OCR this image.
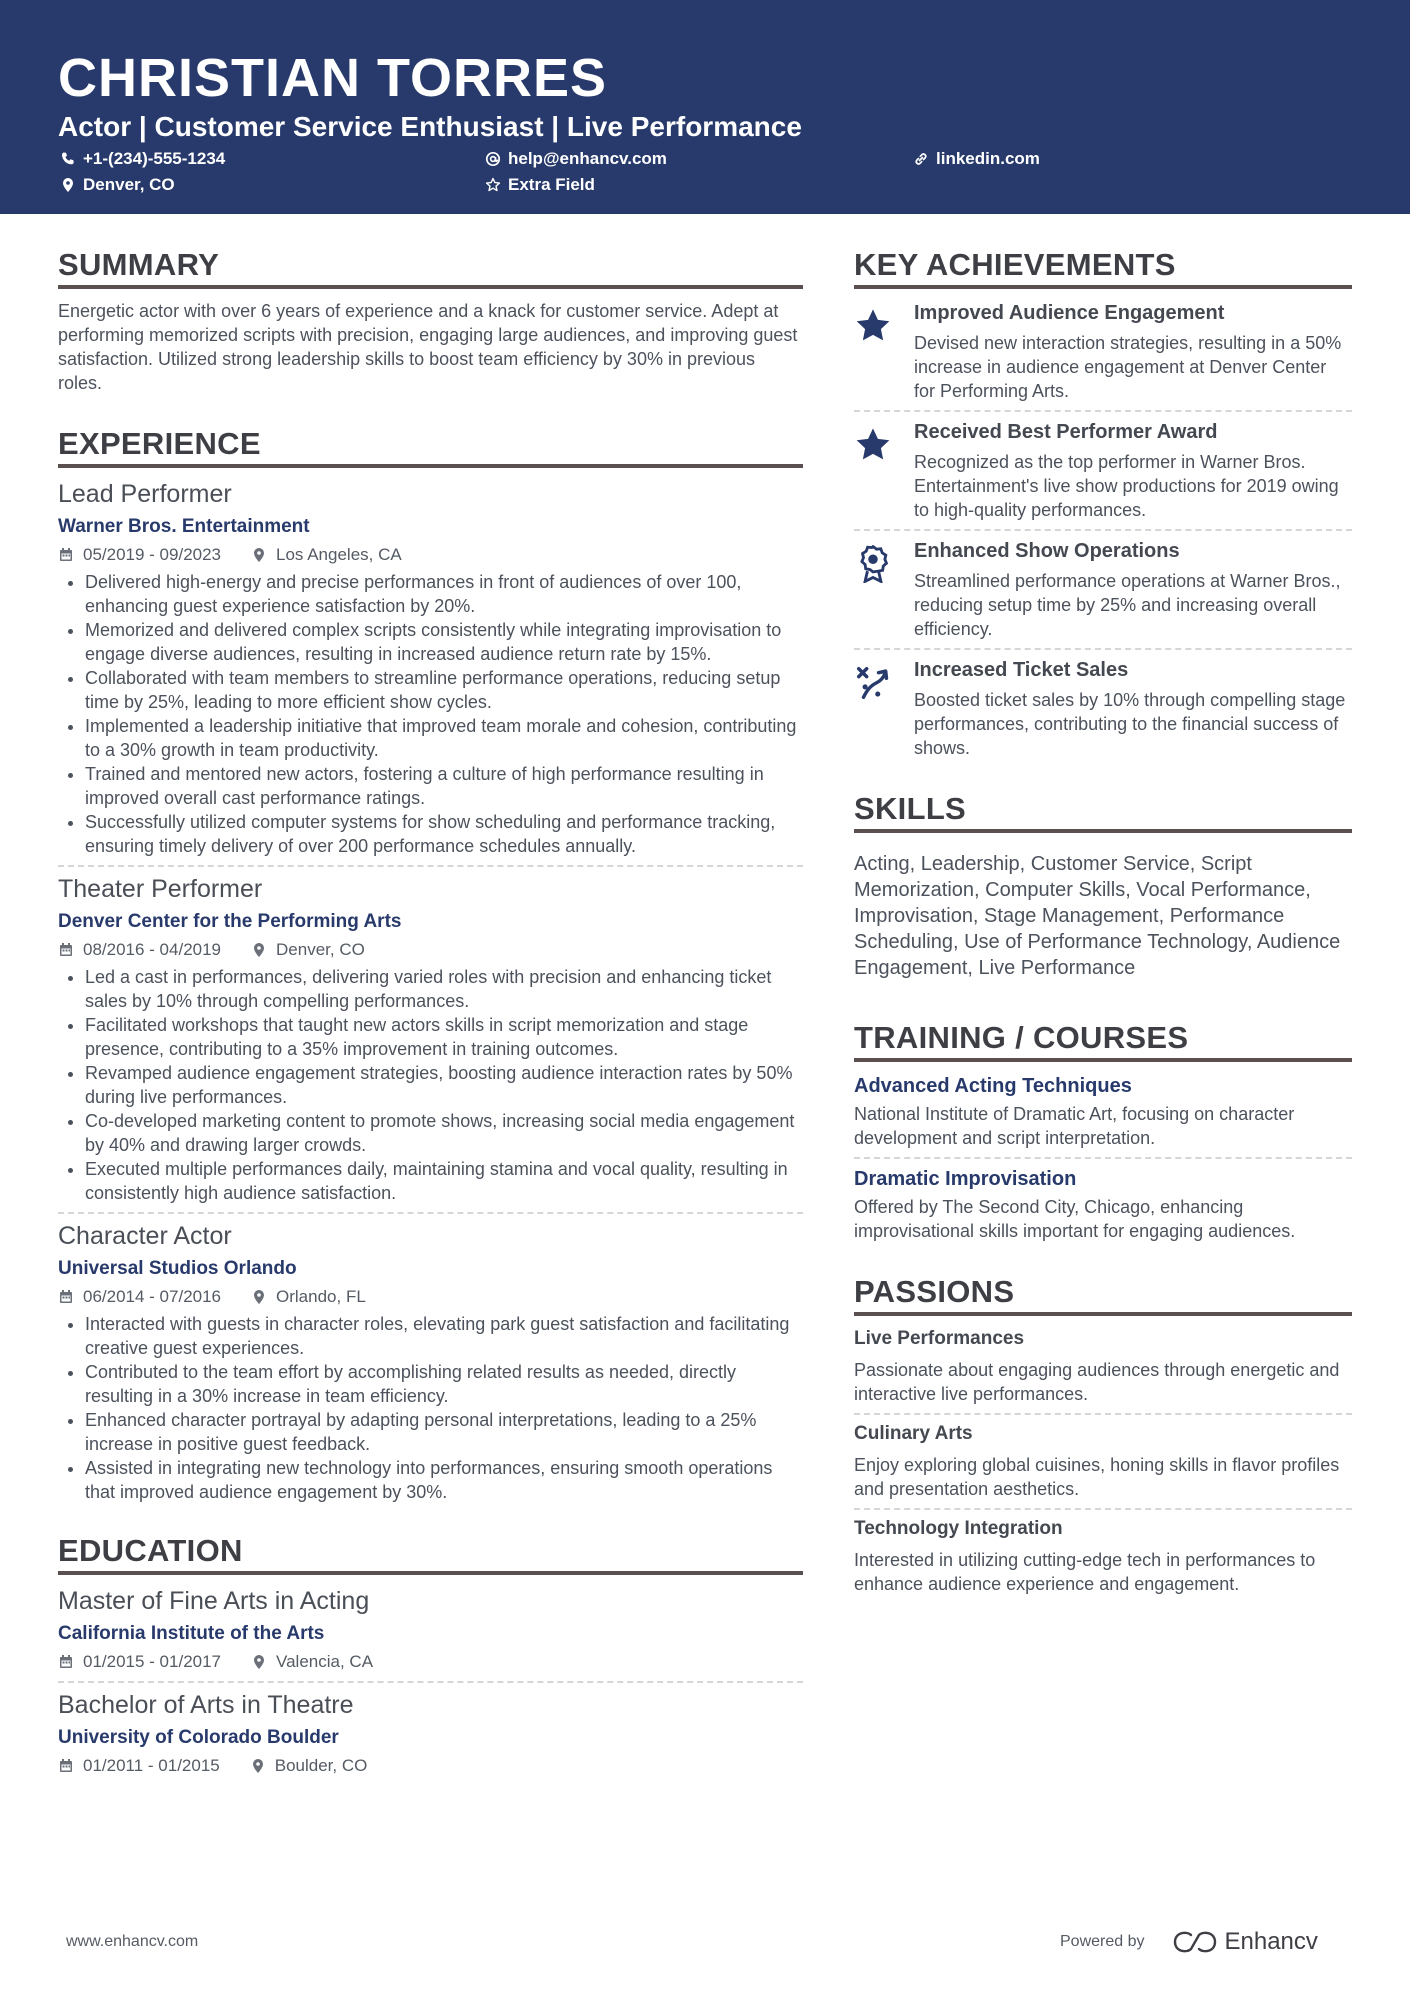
CHRISTIAN TORRES
Actor | Customer Service Enthusiast | Live Performance
+1-(234)-555-1234	help@enhancv.com	linkedin.com
Denver, CO	Extra Field
SUMMARY
Energetic actor with over 6 years of experience and a knack for customer service. Adept at performing memorized scripts with precision, engaging large audiences, and improving guest satisfaction. Utilized strong leadership skills to boost team efficiency by 30% in previous roles.
EXPERIENCE
Lead Performer
Warner Bros. Entertainment
05/2019 - 09/2023	Los Angeles, CA
• Delivered high-energy and precise performances in front of audiences of over 100, enhancing guest experience satisfaction by 20%.
• Memorized and delivered complex scripts consistently while integrating improvisation to engage diverse audiences, resulting in increased audience return rate by 15%.
• Collaborated with team members to streamline performance operations, reducing setup time by 25%, leading to more efficient show cycles.
• Implemented a leadership initiative that improved team morale and cohesion, contributing to a 30% growth in team productivity.
• Trained and mentored new actors, fostering a culture of high performance resulting in improved overall cast performance ratings.
• Successfully utilized computer systems for show scheduling and performance tracking, ensuring timely delivery of over 200 performance schedules annually.
Theater Performer
Denver Center for the Performing Arts
08/2016 - 04/2019	Denver, CO
• Led a cast in performances, delivering varied roles with precision and enhancing ticket sales by 10% through compelling performances.
• Facilitated workshops that taught new actors skills in script memorization and stage presence, contributing to a 35% improvement in training outcomes.
• Revamped audience engagement strategies, boosting audience interaction rates by 50% during live performances.
• Co-developed marketing content to promote shows, increasing social media engagement by 40% and drawing larger crowds.
• Executed multiple performances daily, maintaining stamina and vocal quality, resulting in consistently high audience satisfaction.
Character Actor
Universal Studios Orlando
06/2014 - 07/2016	Orlando, FL
• Interacted with guests in character roles, elevating park guest satisfaction and facilitating creative guest experiences.
• Contributed to the team effort by accomplishing related results as needed, directly resulting in a 30% increase in team efficiency.
• Enhanced character portrayal by adapting personal interpretations, leading to a 25% increase in positive guest feedback.
• Assisted in integrating new technology into performances, ensuring smooth operations that improved audience engagement by 30%.
EDUCATION
Master of Fine Arts in Acting
California Institute of the Arts
01/2015 - 01/2017	Valencia, CA
Bachelor of Arts in Theatre
University of Colorado Boulder
01/2011 - 01/2015	Boulder, CO
KEY ACHIEVEMENTS
Improved Audience Engagement
Devised new interaction strategies, resulting in a 50% increase in audience engagement at Denver Center for Performing Arts.
Received Best Performer Award
Recognized as the top performer in Warner Bros. Entertainment's live show productions for 2019 owing to high-quality performances.
Enhanced Show Operations
Streamlined performance operations at Warner Bros., reducing setup time by 25% and increasing overall efficiency.
Increased Ticket Sales
Boosted ticket sales by 10% through compelling stage performances, contributing to the financial success of shows.
SKILLS
Acting, Leadership, Customer Service, Script Memorization, Computer Skills, Vocal Performance, Improvisation, Stage Management, Performance Scheduling, Use of Performance Technology, Audience Engagement, Live Performance
TRAINING / COURSES
Advanced Acting Techniques
National Institute of Dramatic Art, focusing on character development and script interpretation.
Dramatic Improvisation
Offered by The Second City, Chicago, enhancing improvisational skills important for engaging audiences.
PASSIONS
Live Performances
Passionate about engaging audiences through energetic and interactive live performances.
Culinary Arts
Enjoy exploring global cuisines, honing skills in flavor profiles and presentation aesthetics.
Technology Integration
Interested in utilizing cutting-edge tech in performances to enhance audience experience and engagement.
www.enhancv.com	Powered by	Enhancv
